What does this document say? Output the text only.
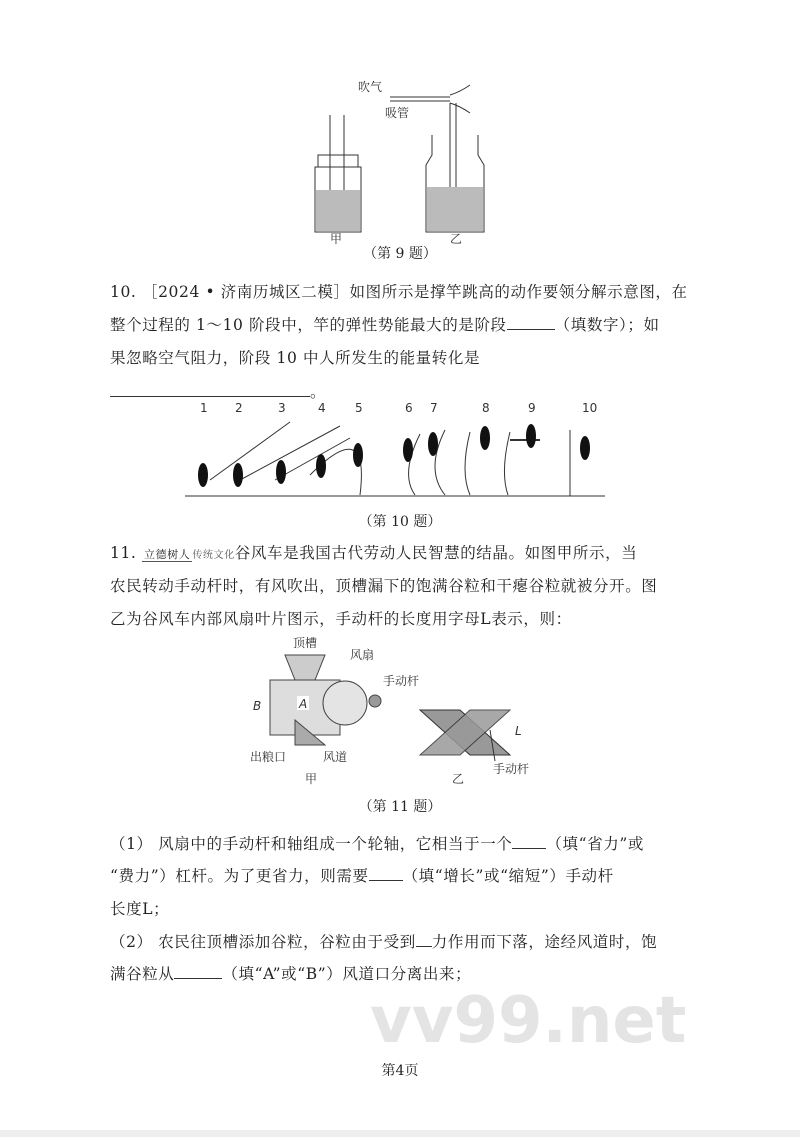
吹气
吸管
甲	乙
（第 9 题）
10. ［2024 • 济南历城区二模］如图所示是撑竿跳高的动作要领分解示意图，在
整个过程的 1～10 阶段中，竿的弹性势能最大的是阶段	（填数字）；如
果忽略空气阻力，阶段 10 中人所发生的能量转化是
。
1 2	3	4 5	6 7	8	9	10
（第 10 题）
11. 立德树人 传统文化谷风车是我国古代劳动人民智慧的结晶。如图甲所示，当
农民转动手动杆时，有风吹出，顶槽漏下的饱满谷粒和干瘪谷粒就被分开。图
乙为谷风车内部风扇叶片图示，手动杆的长度用字母L表示，则：
顶槽
风扇
手动杆
B	A
出粮口	风道
甲
L
手动杆
乙
（第 11 题）
（1） 风扇中的手动杆和轴组成一个轮轴，它相当于一个 （填“省力”或
“费力”）杠杆。为了更省力，则需要 （填“增长”或“缩短”）手动杆
长度L；
（2） 农民往顶槽添加谷粒，谷粒由于受到 力作用而下落，途经风道时，饱
满谷粒从	（填“A”或“B”）风道口分离出来；
vv99.net
第4页
